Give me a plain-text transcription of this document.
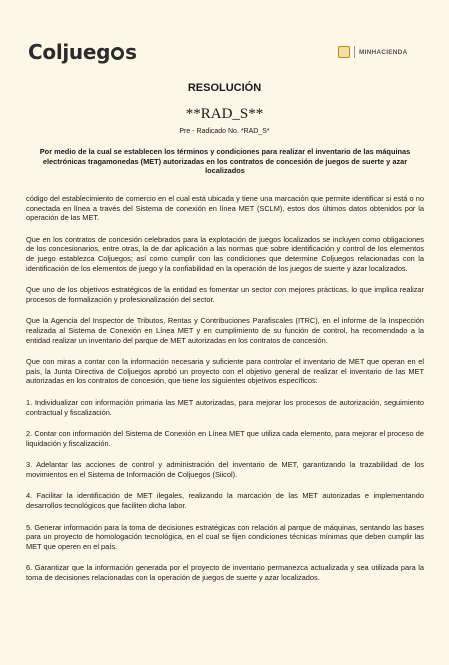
Coljueg s	MINHACIENDA
RESOLUCIÓN
**RAD_S**
Pre - Radicado No. *RAD_S*
Por medio de la cual se establecen los términos y condiciones para realizar el inventario de las máquinas electrónicas tragamonedas (MET) autorizadas en los contratos de concesión de juegos de suerte y azar localizados

código del establecimiento de comercio en el cual está ubicada y tiene una marcación que permite identificar si está o no conectada en línea a través del Sistema de conexión en línea MET (SCLM), estos dos últimos datos obtenidos por la operación de las MET.

Que en los contratos de concesión celebrados para la explotación de juegos localizados se incluyen como obligaciones de los concesionarios, entre otras, la de dar aplicación a las normas que sobre identificación y control de los elementos de juego establezca Coljuegos; así como cumplir con las condiciones que determine Coljuegos relacionadas con la identificación de los elementos de juego y la confiabilidad en la operación de los juegos de suerte y azar localizados.

Que uno de los objetivos estratégicos de la entidad es fomentar un sector con mejores prácticas, lo que implica realizar procesos de formalización y profesionalización del sector.

Que la Agencia del Inspector de Tributos, Rentas y Contribuciones Parafiscales (ITRC), en el informe de la Inspección realizada al Sistema de Conexión en Línea MET y en cumplimiento de su función de control, ha recomendado a la entidad realizar un inventario del parque de MET autorizadas en los contratos de concesión.

Que con miras a contar con la información necesaria y suficiente para controlar el inventario de MET que operan en el país, la Junta Directiva de Coljuegos aprobó un proyecto con el objetivo general de realizar el inventario de las MET autorizadas en los contratos de concesión, que tiene los siguientes objetivos específicos:

1. Individualizar con información primaria las MET autorizadas, para mejorar los procesos de autorización, seguimiento contractual y fiscalización.

2. Contar con información del Sistema de Conexión en Línea MET que utiliza cada elemento, para mejorar el proceso de liquidación y fiscalización.

3. Adelantar las acciones de control y administración del inventario de MET, garantizando la trazabilidad de los movimientos en el Sistema de Información de Coljuegos (Siicol).

4. Facilitar la identificación de MET ilegales, realizando la marcación de las MET autorizadas e implementando desarrollos tecnológicos que faciliten dicha labor.

5. Generar información para la toma de decisiones estratégicas con relación al parque de máquinas, sentando las bases para un proyecto de homologación tecnológica, en el cual se fijen condiciones técnicas mínimas que deben cumplir las MET que operen en el país.

6. Garantizar que la información generada por el proyecto de inventario permanezca actualizada y sea utilizada para la toma de decisiones relacionadas con la operación de juegos de suerte y azar localizados.
